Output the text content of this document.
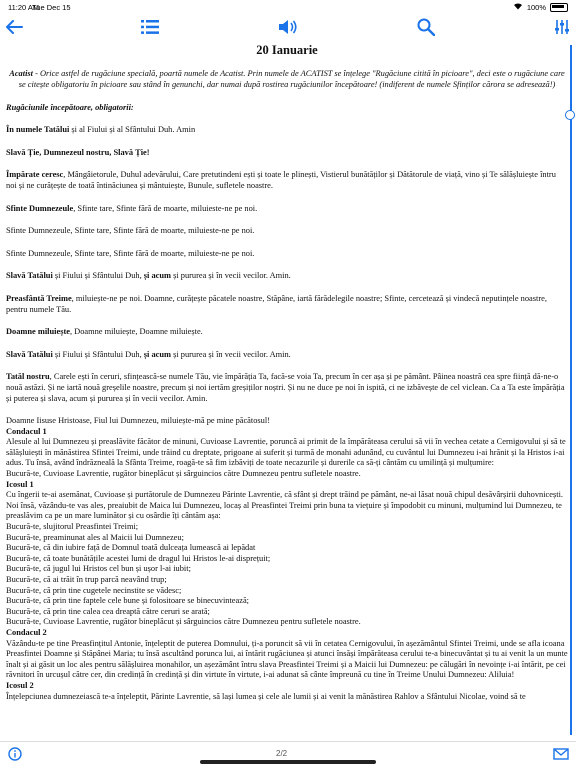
11:20 AM
Tue Dec 15	100%
20 Ianuarie
Acatist - Orice astfel de rugăciune specială, poartă numele de Acatist. Prin numele de ACATIST se înțelege "Rugăciune citită în picioare", deci este o rugăciune care se citește obligatoriu în picioare sau stând în genunchi, dar numai după rostirea rugăciunilor începătoare! (indiferent de numele Sfinților cărora se adresează!)

Rugăciunile începătoare, obligatorii:

În numele Tatălui și al Fiului și al Sfântului Duh. Amin

Slavă Ție, Dumnezeul nostru, Slavă Ție!

Împărate ceresc, Mângâietorule, Duhul adevărului, Care pretutindeni ești și toate le plinești, Vistierul bunătăților și Dătătorule de viață, vino și Te sălășluiește întru noi și ne curățește de toată întinăciunea și mântuiește, Bunule, sufletele noastre.

Sfinte Dumnezeule, Sfinte tare, Sfinte fără de moarte, miluieste-ne pe noi.

Sfinte Dumnezeule, Sfinte tare, Sfinte fără de moarte, miluieste-ne pe noi.

Sfinte Dumnezeule, Sfinte tare, Sfinte fără de moarte, miluieste-ne pe noi.

Slavă Tatălui și Fiului și Sfântului Duh, și acum și pururea și în vecii vecilor. Amin.

Preasfântă Treime, miluiește-ne pe noi. Doamne, curățește păcatele noastre, Stăpâne, iartă fărădelegile noastre; Sfinte, cercetează și vindecă neputințele noastre, pentru numele Tău.

Doamne miluiește, Doamne miluiește, Doamne miluiește.

Slavă Tatălui și Fiului și Sfântului Duh, și acum și pururea și în vecii vecilor. Amin.

Tatăl nostru, Carele ești în ceruri, sfințească-se numele Tău, vie împărăția Ta, facă-se voia Ta, precum în cer așa și pe pământ. Pâinea noastră cea spre ființă dă-ne-o nouă astăzi. Și ne iartă nouă greșelile noastre, precum și noi iertăm greșiților noștri. Și nu ne duce pe noi în ispită, ci ne izbăvește de cel viclean. Ca a Ta este împărăția și puterea și slava, acum și pururea și în vecii vecilor. Amin.

Doamne Iisuse Hristoase, Fiul lui Dumnezeu, miluiește-mă pe mine păcătosul!
Condacul 1
Alesule al lui Dumnezeu și preaslăvite făcător de minuni, Cuvioase Lavrentie, poruncă ai primit de la împărăteasa cerului să vii în vechea cetate a Cernigovului și să te sălășluiești în mănăstirea Sfintei Treimi, unde trăind cu dreptate, prigoane ai suferit și turmă de monahi adunând, cu cuvântul lui Dumnezeu i-ai hrănit și la Hristos i-ai adus. Tu însă, având îndrăzneală la Sfânta Treime, roagă-te să fim izbăviți de toate necazurile și durerile ca să-ți cântăm cu umilință și mulțumire:
Bucură-te, Cuvioase Lavrentie, rugător bineplăcut și sârguincios către Dumnezeu pentru sufletele noastre.
Icosul 1
Cu îngerii te-ai asemănat, Cuvioase și purtătorule de Dumnezeu Părinte Lavrentie, că sfânt și drept trăind pe pământ, ne-ai lăsat nouă chipul desăvârșirii duhovnicești. Noi însă, văzându-te vas ales, preaiubit de Maica lui Dumnezeu, locaș al Preasfintei Treimi prin buna ta viețuire și împodobit cu minuni, mulțumind lui Dumnezeu, te preaslăvim ca pe un mare luminător și cu osârdie îți cântăm așa:
Bucură-te, slujitorul Preasfintei Treimi;
Bucură-te, preaminunat ales al Maicii lui Dumnezeu;
Bucură-te, că din iubire față de Domnul toată dulceața lumească ai lepădat
Bucură-te, că toate bunătățile acestei lumi de dragul lui Hristos le-ai disprețuit;
Bucură-te, că jugul lui Hristos cel bun și ușor l-ai iubit;
Bucură-te, că ai trăit în trup parcă neavând trup;
Bucură-te, că prin tine cugetele necinstite se vădesc;
Bucură-te, că prin tine faptele cele bune și folositoare se binecuvintează;
Bucură-te, că prin tine calea cea dreaptă către ceruri se arată;
Bucură-te, Cuvioase Lavrentie, rugător bineplăcut și sârguincios către Dumnezeu pentru sufletele noastre.
Condacul 2
Văzându-te pe tine Preasfințitul Antonie, înțeleptit de puterea Domnului, ți-a poruncit să vii în cetatea Cernigovului, în așezământul Sfintei Treimi, unde se afla icoana Preasfintei Doamne și Stăpânei Maria; tu însă ascultând porunca lui, ai întărit rugăciunea și atunci însăși împărăteasa cerului te-a binecuvântat și tu ai venit la un munte înalt și ai găsit un loc ales pentru sălășluirea monahilor, un așezământ întru slava Preasfintei Treimi și a Maicii lui Dumnezeu: pe călugări în nevoințe i-ai întărit, pe cei răvnitori în urcușul către cer, din credință în credință și din virtute în virtute, i-ai adunat să cânte împreună cu tine în Treime Unului Dumnezeu: Aliluia!
Icosul 2
Înțelepciunea dumnezeiască te-a înțeleptit, Părinte Lavrentie, să lași lumea și cele ale lumii și ai venit la mănăstirea Rahlov a Sfântului Nicolae, voind să te
2/2
